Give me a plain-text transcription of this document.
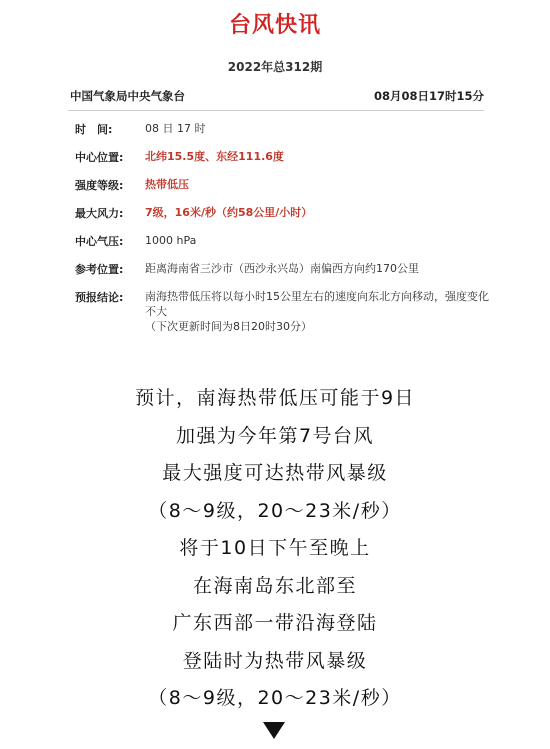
台风快讯
2022年总312期
中国气象局中央气象台	08月08日17时15分
时　间:	08 日 17 时
中心位置: 北纬15.5度、东经111.6度
强度等级: 热带低压
最大风力: 7级，16米/秒（约58公里/小时）
中心气压: 1000 hPa
参考位置: 距离海南省三沙市（西沙永兴岛）南偏西方向约170公里
预报结论: 南海热带低压将以每小时15公里左右的速度向东北方向移动，强度变化不大
（下次更新时间为8日20时30分）
预计，南海热带低压可能于9日
加强为今年第7号台风
最大强度可达热带风暴级
（8～9级，20～23米/秒）
将于10日下午至晚上
在海南岛东北部至
广东西部一带沿海登陆
登陆时为热带风暴级
（8～9级，20～23米/秒）
